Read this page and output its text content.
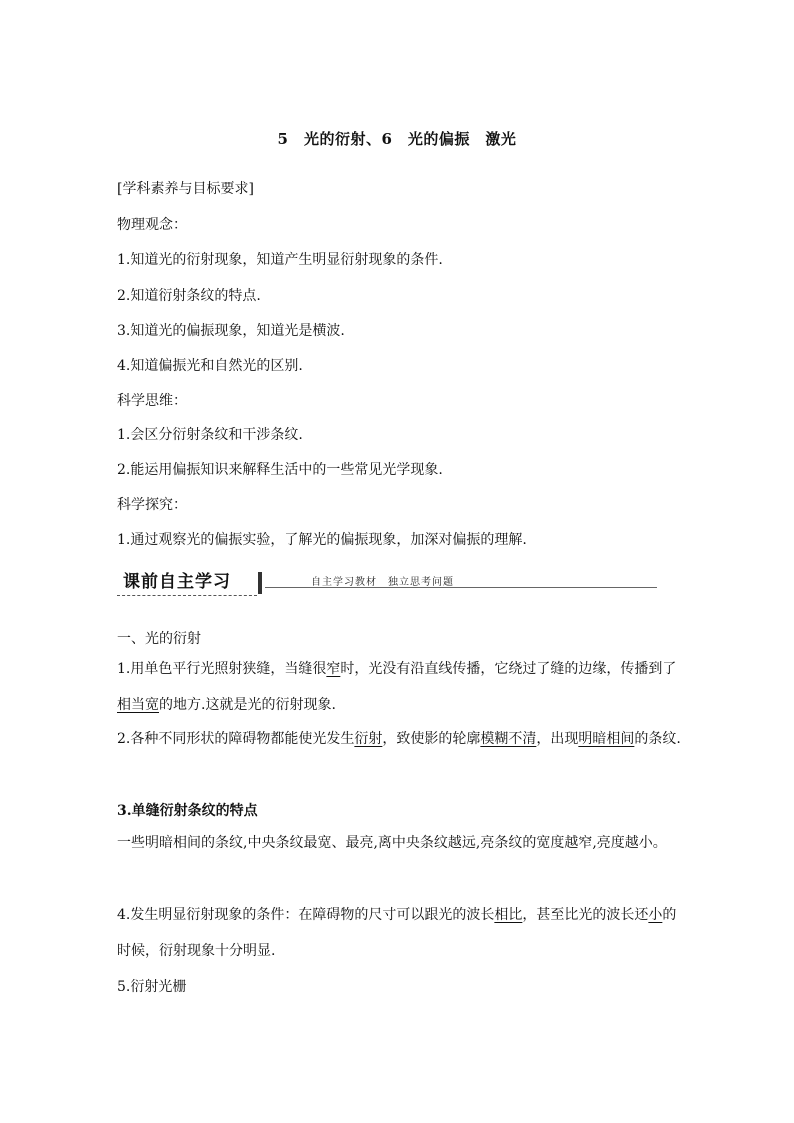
5　光的衍射、6　光的偏振　激光
[学科素养与目标要求]
物理观念：
1.知道光的衍射现象，知道产生明显衍射现象的条件.
2.知道衍射条纹的特点.
3.知道光的偏振现象，知道光是横波.
4.知道偏振光和自然光的区别.
科学思维：
1.会区分衍射条纹和干涉条纹.
2.能运用偏振知识来解释生活中的一些常见光学现象.
科学探究：
1.通过观察光的偏振实验，了解光的偏振现象，加深对偏振的理解.
课前自主学习	自主学习教材　独立思考问题
一、光的衍射
1.用单色平行光照射狭缝，当缝很窄时，光没有沿直线传播，它绕过了缝的边缘，传播到了相当宽的地方.这就是光的衍射现象.
2.各种不同形状的障碍物都能使光发生衍射，致使影的轮廓模糊不清，出现明暗相间的条纹.
3.单缝衍射条纹的特点
一些明暗相间的条纹,中央条纹最宽、最亮,离中央条纹越远,亮条纹的宽度越窄,亮度越小。
4.发生明显衍射现象的条件：在障碍物的尺寸可以跟光的波长相比，甚至比光的波长还小的时候，衍射现象十分明显.
5.衍射光栅
